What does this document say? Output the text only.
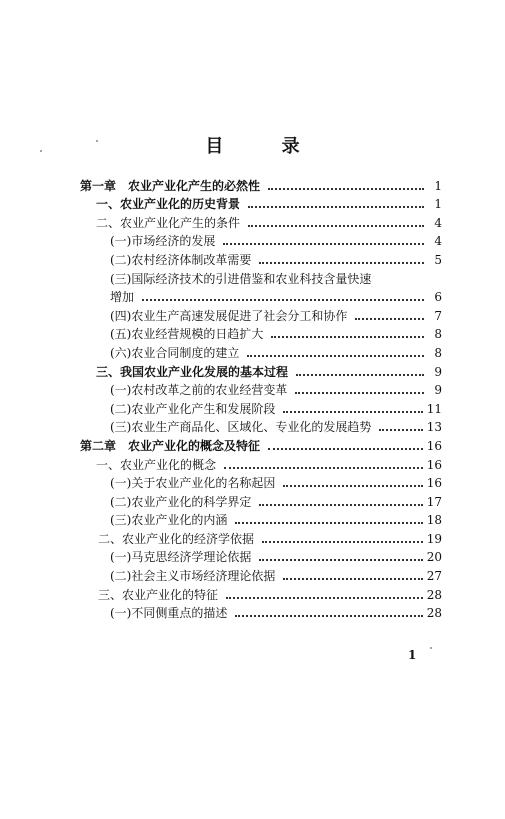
目 录
第一章　农业产业化产生的必然性	1
一、农业产业化的历史背景	1
二、农业产业化产生的条件	4
(一)市场经济的发展	4
(二)农村经济体制改革需要	5
(三)国际经济技术的引进借鉴和农业科技含量快速
增加	6
(四)农业生产高速发展促进了社会分工和协作	7
(五)农业经营规模的日趋扩大	8
(六)农业合同制度的建立	8
三、我国农业产业化发展的基本过程	9
(一)农村改革之前的农业经营变革	9
(二)农业产业化产生和发展阶段	11
(三)农业生产商品化、区域化、专业化的发展趋势	13
第二章　农业产业化的概念及特征	16
一、农业产业化的概念	16
(一)关于农业产业化的名称起因	16
(二)农业产业化的科学界定	17
(三)农业产业化的内涵	18
二、农业产业化的经济学依据	19
(一)马克思经济学理论依据	20
(二)社会主义市场经济理论依据	27
三、农业产业化的特征	28
(一)不同侧重点的描述	28
1
